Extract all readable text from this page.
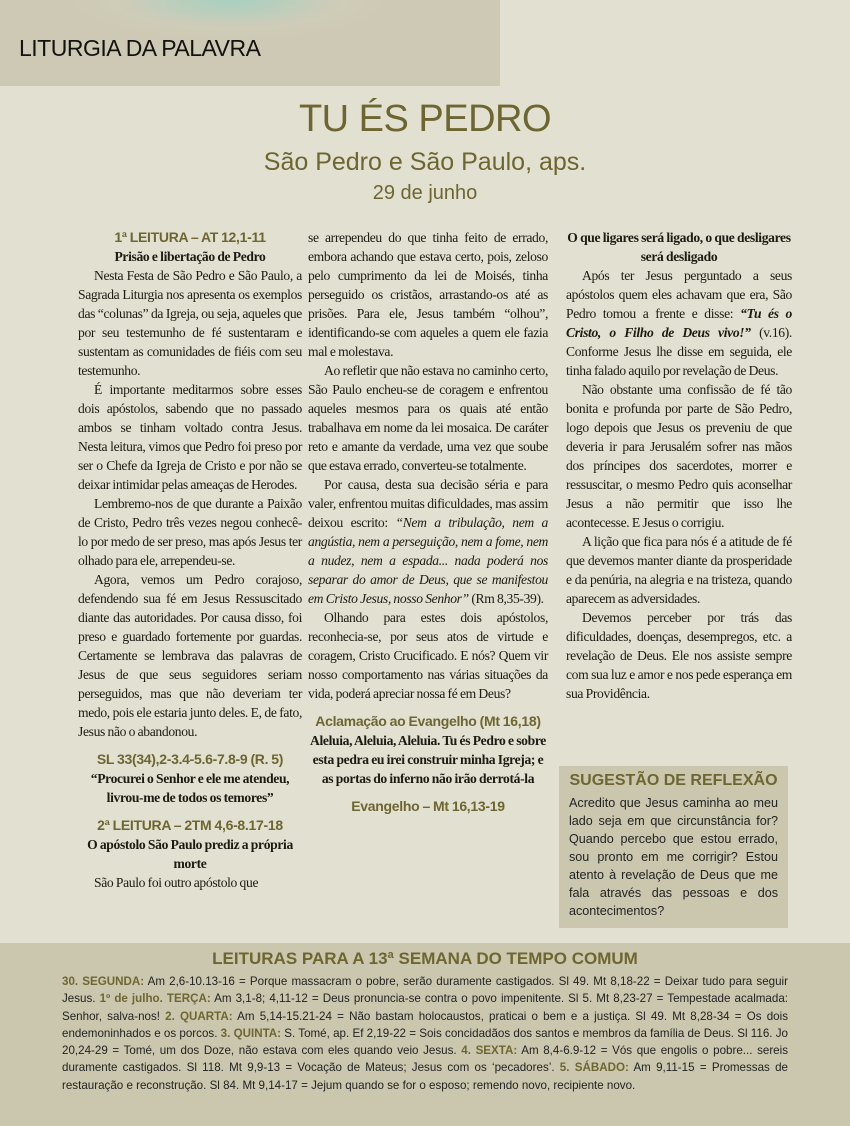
LITURGIA DA PALAVRA
TU ÉS PEDRO
São Pedro e São Paulo, aps.
29 de junho
1ª LEITURA – AT 12,1-11
Prisão e libertação de Pedro

Nesta Festa de São Pedro e São Paulo, a Sagrada Liturgia nos apresenta os exemplos das “colunas” da Igreja, ou seja, aqueles que por seu testemunho de fé sustentaram e sustentam as comunidades de fiéis com seu testemunho.

É importante meditarmos sobre esses dois apóstolos, sabendo que no passado ambos se tinham voltado contra Jesus. Nesta leitura, vimos que Pedro foi preso por ser o Chefe da Igreja de Cristo e por não se deixar intimidar pelas ameaças de Herodes.

Lembremo-nos de que durante a Paixão de Cristo, Pedro três vezes negou conhecê-lo por medo de ser preso, mas após Jesus ter olhado para ele, arrependeu-se.

Agora, vemos um Pedro corajoso, defendendo sua fé em Jesus Ressuscitado diante das autoridades. Por causa disso, foi preso e guardado fortemente por guardas. Certamente se lembrava das palavras de Jesus de que seus seguidores seriam perseguidos, mas que não deveriam ter medo, pois ele estaria junto deles. E, de fato, Jesus não o abandonou.

SL 33(34),2-3.4-5.6-7.8-9 (R. 5)
“Procurei o Senhor e ele me atendeu, livrou-me de todos os temores”
2ª LEITURA – 2TM 4,6-8.17-18
O apóstolo São Paulo prediz a própria morte

São Paulo foi outro apóstolo que

se arrependeu do que tinha feito de errado, embora achando que estava certo, pois, zeloso pelo cumprimento da lei de Moisés, tinha perseguido os cristãos, arrastando-os até as prisões. Para ele, Jesus também “olhou”, identificando-se com aqueles a quem ele fazia mal e molestava.

Ao refletir que não estava no caminho certo, São Paulo encheu-se de coragem e enfrentou aqueles mesmos para os quais até então trabalhava em nome da lei mosaica. De caráter reto e amante da verdade, uma vez que soube que estava errado, converteu-se totalmente.

Por causa, desta sua decisão séria e para valer, enfrentou muitas dificuldades, mas assim deixou escrito: “Nem a tribulação, nem a angústia, nem a perseguição, nem a fome, nem a nudez, nem a espada... nada poderá nos separar do amor de Deus, que se manifestou em Cristo Jesus, nosso Senhor” (Rm 8,35-39).

Olhando para estes dois apóstolos, reconhecia-se, por seus atos de virtude e coragem, Cristo Crucificado. E nós? Quem vir nosso comportamento nas várias situações da vida, poderá apreciar nossa fé em Deus?

Aclamação ao Evangelho (Mt 16,18)
Aleluia, Aleluia, Aleluia. Tu és Pedro e sobre esta pedra eu irei construir minha Igreja; e as portas do inferno não irão derrotá-la
Evangelho – Mt 16,13-19
O que ligares será ligado, o que desligares será desligado

Após ter Jesus perguntado a seus apóstolos quem eles achavam que era, São Pedro tomou a frente e disse: “Tu és o Cristo, o Filho de Deus vivo!” (v.16). Conforme Jesus lhe disse em seguida, ele tinha falado aquilo por revelação de Deus.

Não obstante uma confissão de fé tão bonita e profunda por parte de São Pedro, logo depois que Jesus os preveniu de que deveria ir para Jerusalém sofrer nas mãos dos príncipes dos sacerdotes, morrer e ressuscitar, o mesmo Pedro quis aconselhar Jesus a não permitir que isso lhe acontecesse. E Jesus o corrigiu.

A lição que fica para nós é a atitude de fé que devemos manter diante da prosperidade e da penúria, na alegria e na tristeza, quando aparecem as adversidades.

Devemos perceber por trás das dificuldades, doenças, desempregos, etc. a revelação de Deus. Ele nos assiste sempre com sua luz e amor e nos pede esperança em sua Providência.

SUGESTÃO DE REFLEXÃO
Acredito que Jesus caminha ao meu lado seja em que circunstância for? Quando percebo que estou errado, sou pronto em me corrigir? Estou atento à revelação de Deus que me fala através das pessoas e dos acontecimentos?
LEITURAS PARA A 13ª SEMANA DO TEMPO COMUM
30. SEGUNDA: Am 2,6-10.13-16 = Porque massacram o pobre, serão duramente castigados. Sl 49. Mt 8,18-22 = Deixar tudo para seguir Jesus. 1º de julho. TERÇA: Am 3,1-8; 4,11-12 = Deus pronuncia-se contra o povo impenitente. Sl 5. Mt 8,23-27 = Tempestade acalmada: Senhor, salva-nos! 2. QUARTA: Am 5,14-15.21-24 = Não bastam holocaustos, praticai o bem e a justiça. Sl 49. Mt 8,28-34 = Os dois endemoninhados e os porcos. 3. QUINTA: S. Tomé, ap. Ef 2,19-22 = Sois concidadãos dos santos e membros da família de Deus. Sl 116. Jo 20,24-29 = Tomé, um dos Doze, não estava com eles quando veio Jesus. 4. SEXTA: Am 8,4-6.9-12 = Vós que engolis o pobre... sereis duramente castigados. Sl 118. Mt 9,9-13 = Vocação de Mateus; Jesus com os ‘pecadores’. 5. SÁBADO: Am 9,11-15 = Promessas de restauração e reconstrução. Sl 84. Mt 9,14-17 = Jejum quando se for o esposo; remendo novo, recipiente novo.
